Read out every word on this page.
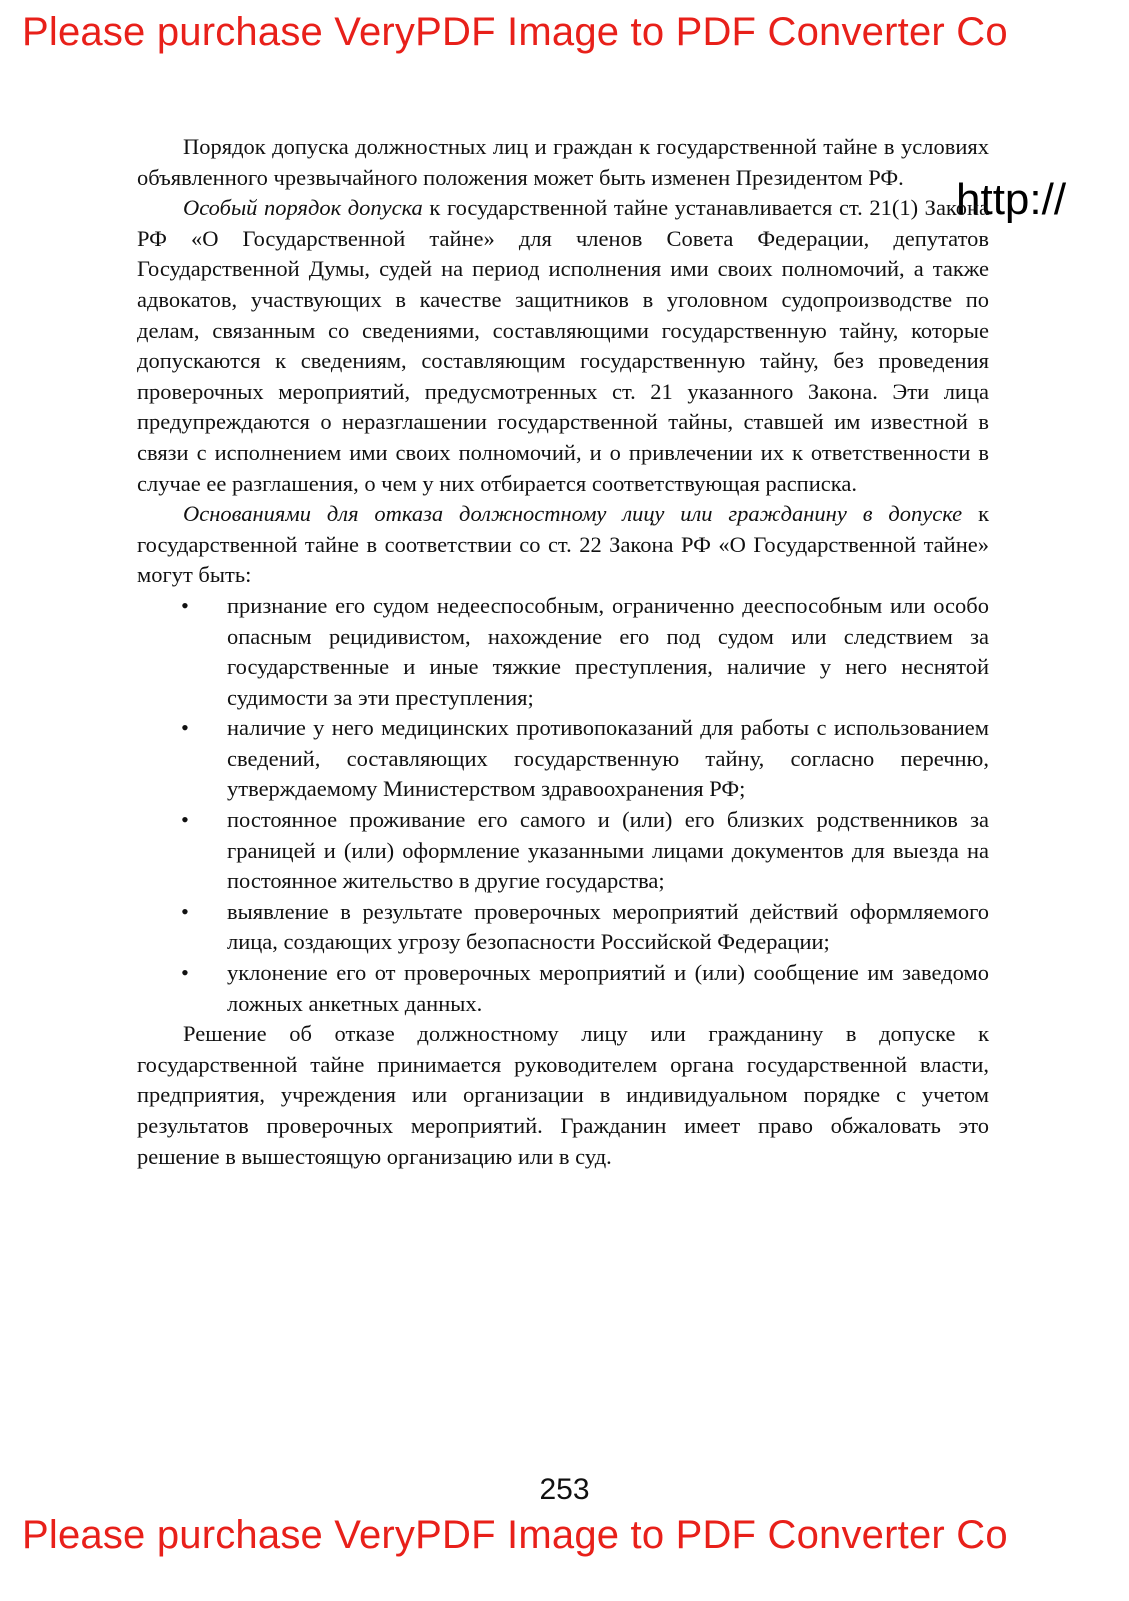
Please purchase VeryPDF Image to PDF Converter Co
http://

Порядок допуска должностных лиц и граждан к государственной тайне в условиях объявленного чрезвычайного положения может быть изменен Президентом РФ.

Особый порядок допуска к государственной тайне устанавливается ст. 21(1) Закона РФ «О Государственной тайне» для членов Совета Федерации, депутатов Государственной Думы, судей на период исполнения ими своих полномочий, а также адвокатов, участвующих в качестве защитников в уголовном судопроизводстве по делам, связанным со сведениями, составляющими государственную тайну, которые допускаются к сведениям, составляющим государственную тайну, без проведения проверочных мероприятий, предусмотренных ст. 21 указанного Закона. Эти лица предупреждаются о неразглашении государственной тайны, ставшей им известной в связи с исполнением ими своих полномочий, и о привлечении их к ответственности в случае ее разглашения, о чем у них отбирается соответствующая расписка.

Основаниями для отказа должностному лицу или гражданину в допуске к государственной тайне в соответствии со ст. 22 Закона РФ «О Государственной тайне» могут быть:

• признание его судом недееспособным, ограниченно дееспособным или особо опасным рецидивистом, нахождение его под судом или следствием за государственные и иные тяжкие преступления, наличие у него неснятой судимости за эти преступления;
• наличие у него медицинских противопоказаний для работы с использованием сведений, составляющих государственную тайну, согласно перечню, утверждаемому Министерством здравоохранения РФ;
• постоянное проживание его самого и (или) его близких родственников за границей и (или) оформление указанными лицами документов для выезда на постоянное жительство в другие государства;
• выявление в результате проверочных мероприятий действий оформляемого лица, создающих угрозу безопасности Российской Федерации;
• уклонение его от проверочных мероприятий и (или) сообщение им заведомо ложных анкетных данных.

Решение об отказе должностному лицу или гражданину в допуске к государственной тайне принимается руководителем органа государственной власти, предприятия, учреждения или организации в индивидуальном порядке с учетом результатов проверочных мероприятий. Гражданин имеет право обжаловать это решение в вышестоящую организацию или в суд.

253
Please purchase VeryPDF Image to PDF Converter Co
